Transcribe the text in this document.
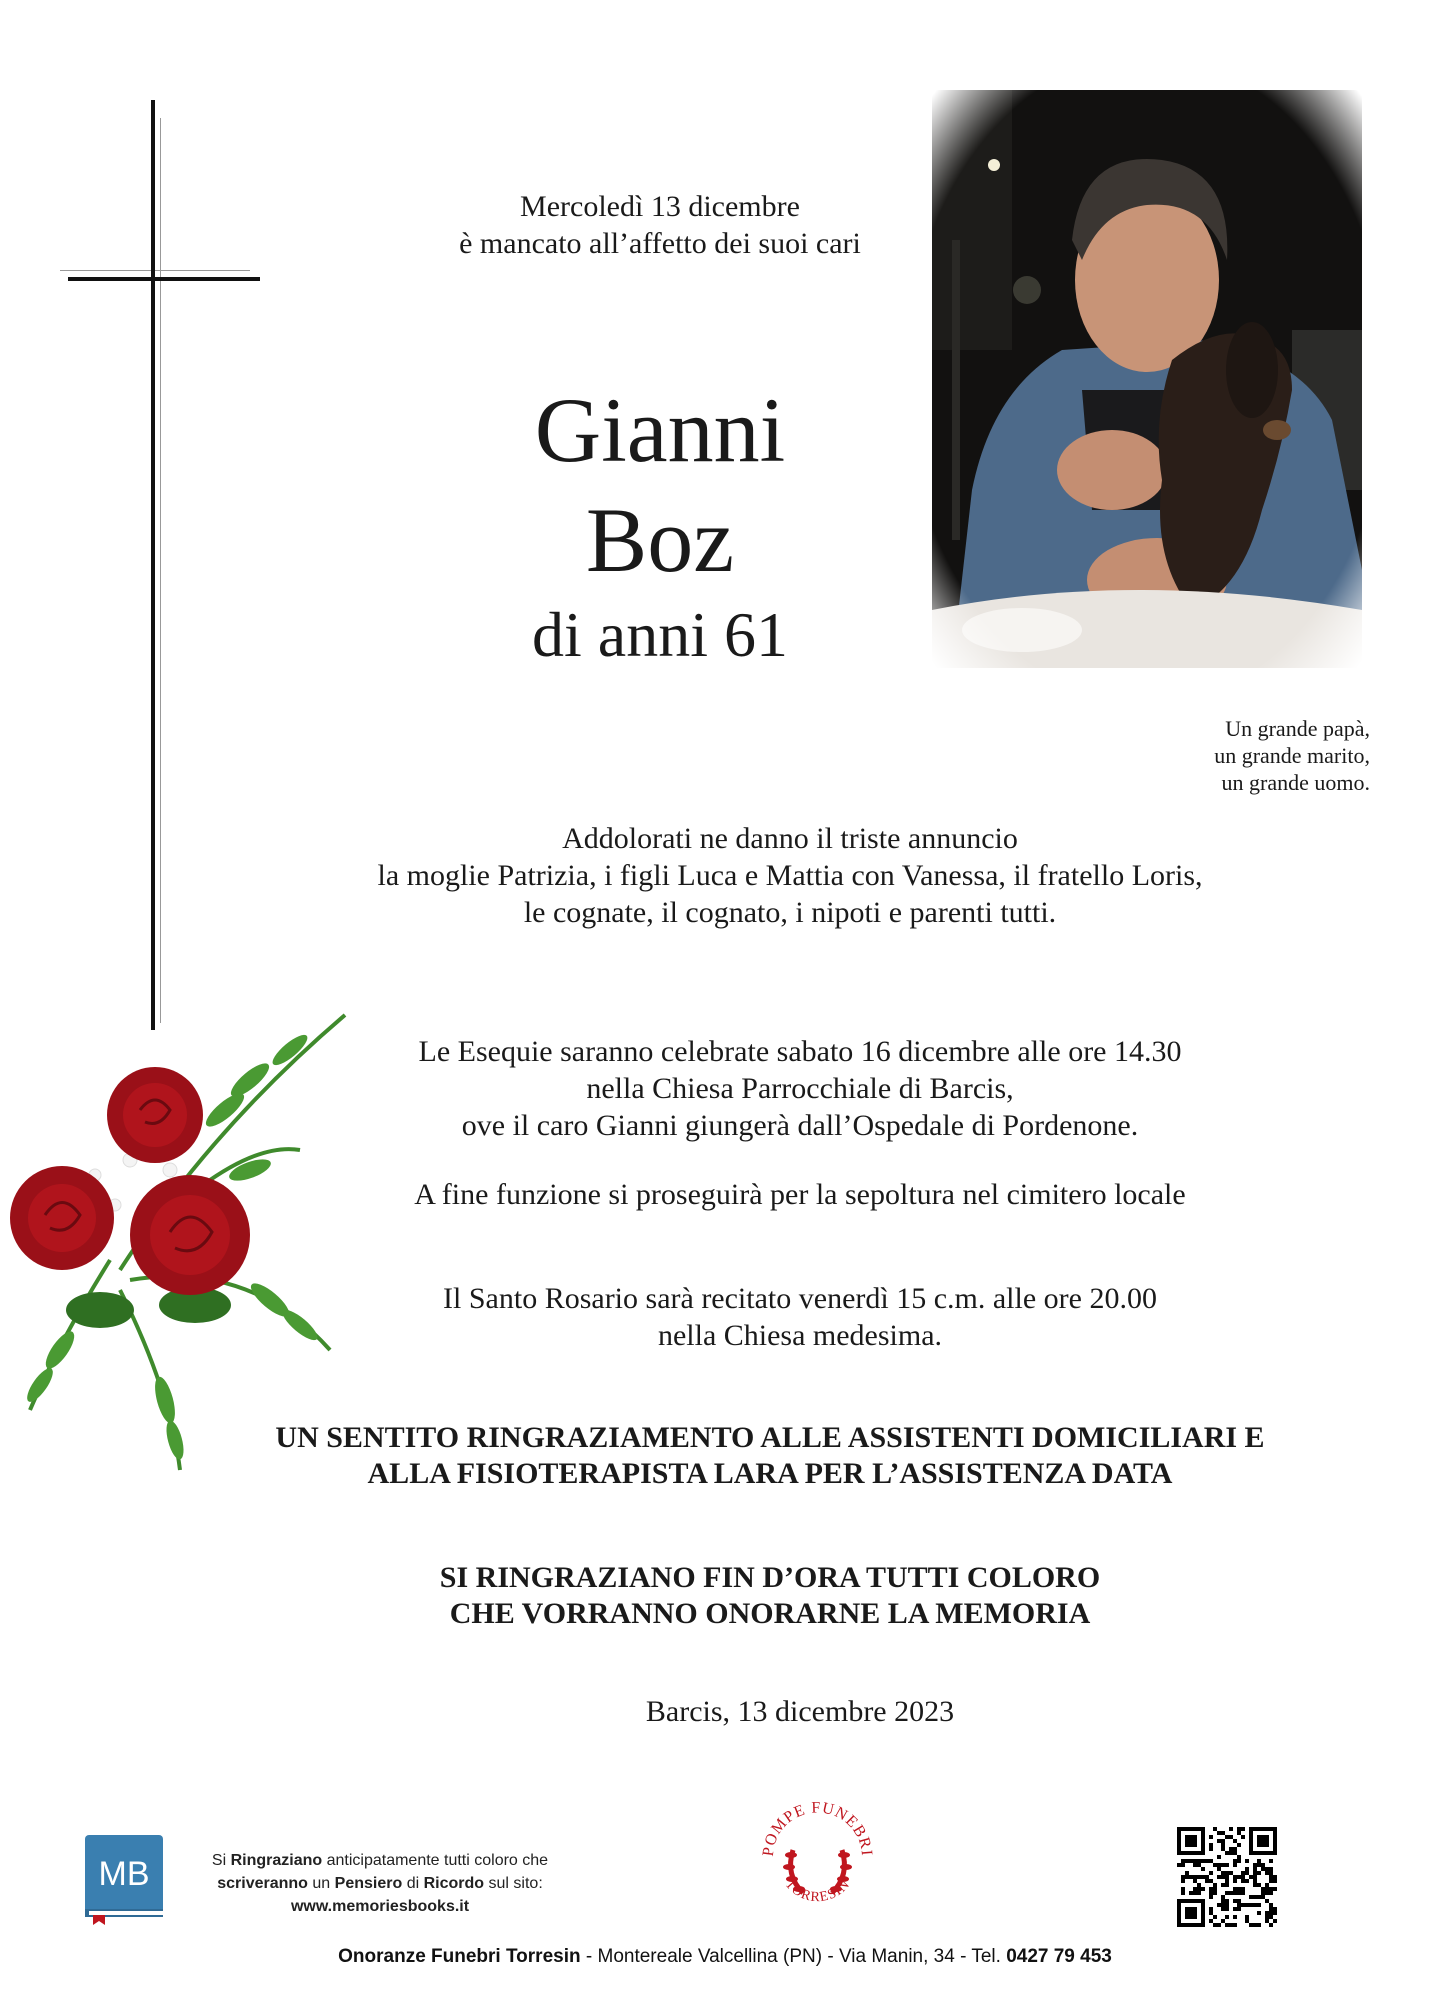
Mercoledì 13 dicembre
è mancato all’affetto dei suoi cari
Gianni
Boz
di anni 61
Un grande papà,
un grande marito,
un grande uomo.
Addolorati ne danno il triste annuncio
la moglie Patrizia, i figli Luca e Mattia con Vanessa, il fratello Loris,
le cognate, il cognato, i nipoti e parenti tutti.
Le Esequie saranno celebrate sabato 16 dicembre alle ore 14.30
nella Chiesa Parrocchiale di Barcis,
ove il caro Gianni giungerà dall’Ospedale di Pordenone.
A fine funzione si proseguirà per la sepoltura nel cimitero locale
Il Santo Rosario sarà recitato venerdì 15 c.m. alle ore 20.00
nella Chiesa medesima.
UN SENTITO RINGRAZIAMENTO ALLE ASSISTENTI DOMICILIARI E
ALLA FISIOTERAPISTA LARA PER L’ASSISTENZA DATA
SI RINGRAZIANO FIN D’ORA TUTTI COLORO
CHE VORRANNO ONORARNE LA MEMORIA
Barcis, 13 dicembre 2023
MB	Si Ringraziano anticipatamente tutti coloro che
scriveranno un Pensiero di Ricordo sul sito:
www.memoriesbooks.it
POMPE FUNEBRI
TORRESIN
Onoranze Funebri Torresin - Montereale Valcellina (PN) - Via Manin, 34 - Tel. 0427 79 453
